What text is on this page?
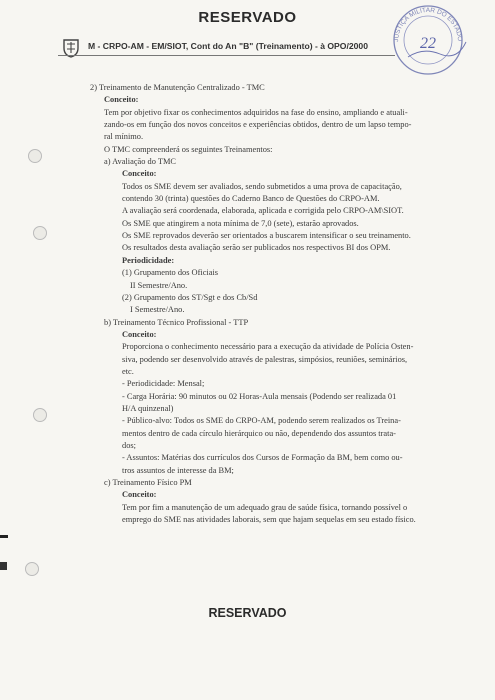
RESERVADO
M - CRPO-AM - EM/SIOT, Cont do An "B" (Treinamento) - à OPO/2000
JUSTIÇA MILITAR DO ESTADO
22
2) Treinamento de Manutenção Centralizado - TMC
Conceito:
Tem por objetivo fixar os conhecimentos adquiridos na fase do ensino, ampliando e atuali-
zando-os em função dos novos conceitos e experiências obtidos, dentro de um lapso tempo-
ral mínimo.
O TMC compreenderá os seguintes Treinamentos:
a) Avaliação do TMC
Conceito:
Todos os SME devem ser avaliados, sendo submetidos a uma prova de capacitação,
contendo 30 (trinta) questões do Caderno Banco de Questões do CRPO-AM.
A avaliação será coordenada, elaborada, aplicada e corrigida pelo CRPO-AM\SIOT.
Os SME que atingirem a nota mínima de 7,0 (sete), estarão aprovados.
Os SME reprovados deverão ser orientados a buscarem intensificar o seu treinamento.
Os resultados desta avaliação serão ser publicados nos respectivos BI dos OPM.
Periodicidade:
(1) Grupamento dos Oficiais
II Semestre/Ano.
(2) Grupamento dos ST/Sgt e dos Cb/Sd
I Semestre/Ano.
b) Treinamento Técnico Profissional - TTP
Conceito:
Proporciona o conhecimento necessário para a execução da atividade de Polícia Osten-
siva, podendo ser desenvolvido através de palestras, simpósios, reuniões, seminários,
etc.
- Periodicidade: Mensal;
- Carga Horária: 90 minutos ou 02 Horas-Aula mensais (Podendo ser realizada 01
H/A quinzenal)
- Público-alvo: Todos os SME do CRPO-AM, podendo serem realizados os Treina-
mentos dentro de cada círculo hierárquico ou não, dependendo dos assuntos trata-
dos;
- Assuntos: Matérias dos currículos dos Cursos de Formação da BM, bem como ou-
tros assuntos de interesse da BM;
c) Treinamento Físico PM
Conceito:
Tem por fim a manutenção de um adequado grau de saúde física, tornando possível o
emprego do SME nas atividades laborais, sem que hajam sequelas em seu estado físico.
RESERVADO
